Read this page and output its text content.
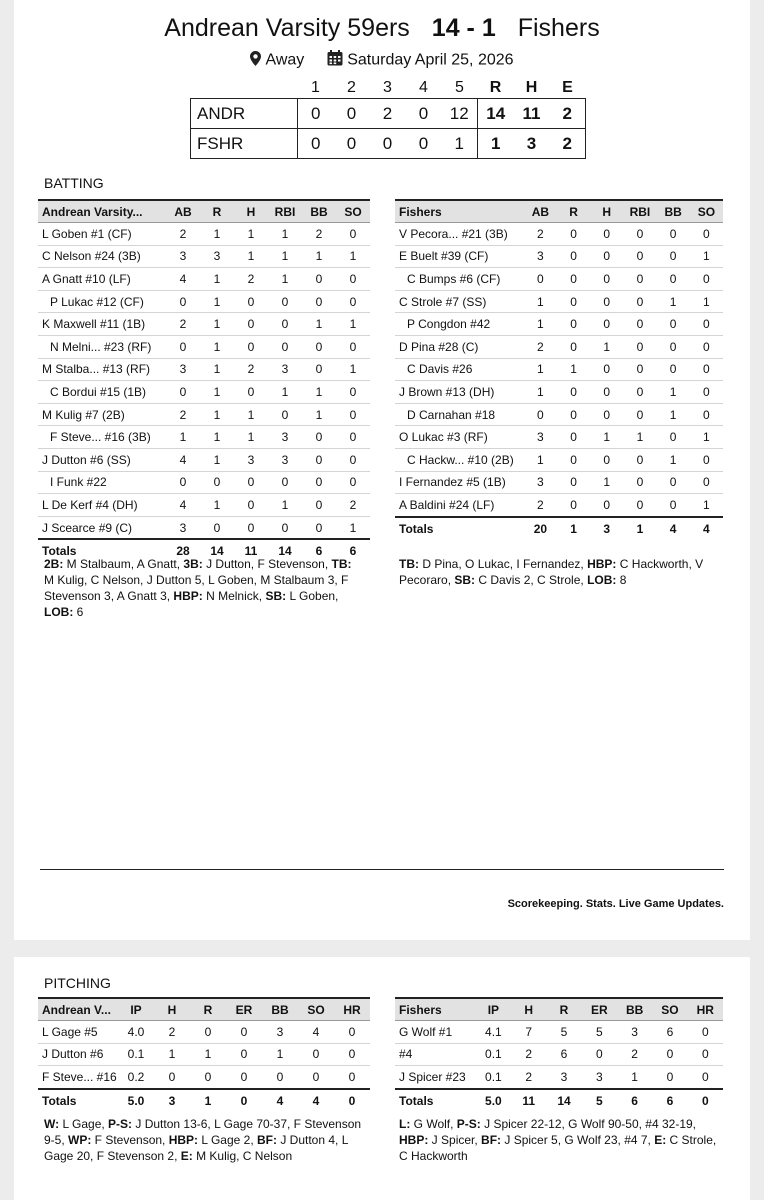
Andrean Varsity 59ers 14 - 1 Fishers
Away	Saturday April 25, 2026
	1	2	3	4	5	R	H	E
ANDR	0	0	2	0	12	14	11	2
FSHR	0	0	0	0	1	1	3	2
BATTING
Andrean Varsity...	AB	R	H	RBI	BB	SO
L Goben #1 (CF)	2	1	1	1	2	0
C Nelson #24 (3B)	3	3	1	1	1	1
A Gnatt #10 (LF)	4	1	2	1	0	0
P Lukac #12 (CF)	0	1	0	0	0	0
K Maxwell #11 (1B)	2	1	0	0	1	1
N Melni... #23 (RF)	0	1	0	0	0	0
M Stalba... #13 (RF)	3	1	2	3	0	1
C Bordui #15 (1B)	0	1	0	1	1	0
M Kulig #7 (2B)	2	1	1	0	1	0
F Steve... #16 (3B)	1	1	1	3	0	0
J Dutton #6 (SS)	4	1	3	3	0	0
I Funk #22	0	0	0	0	0	0
L De Kerf #4 (DH)	4	1	0	1	0	2
J Scearce #9 (C)	3	0	0	0	0	1
Totals	28	14	11	14	6	6
Fishers	AB	R	H	RBI	BB	SO
V Pecora... #21 (3B)	2	0	0	0	0	0
E Buelt #39 (CF)	3	0	0	0	0	1
C Bumps #6 (CF)	0	0	0	0	0	0
C Strole #7 (SS)	1	0	0	0	1	1
P Congdon #42	1	0	0	0	0	0
D Pina #28 (C)	2	0	1	0	0	0
C Davis #26	1	1	0	0	0	0
J Brown #13 (DH)	1	0	0	0	1	0
D Carnahan #18	0	0	0	0	1	0
O Lukac #3 (RF)	3	0	1	1	0	1
C Hackw... #10 (2B)	1	0	0	0	1	0
I Fernandez #5 (1B)	3	0	1	0	0	0
A Baldini #24 (LF)	2	0	0	0	0	1
Totals	20	1	3	1	4	4
2B: M Stalbaum, A Gnatt, 3B: J Dutton, F Stevenson, TB: M Kulig, C Nelson, J Dutton 5, L Goben, M Stalbaum 3, F Stevenson 3, A Gnatt 3, HBP: N Melnick, SB: L Goben, LOB: 6
TB: D Pina, O Lukac, I Fernandez, HBP: C Hackworth, V Pecoraro, SB: C Davis 2, C Strole, LOB: 8
Scorekeeping. Stats. Live Game Updates.
PITCHING
Andrean V...	IP	H	R	ER	BB	SO	HR
L Gage #5	4.0	2	0	0	3	4	0
J Dutton #6	0.1	1	1	0	1	0	0
F Steve... #16	0.2	0	0	0	0	0	0
Totals	5.0	3	1	0	4	4	0
Fishers	IP	H	R	ER	BB	SO	HR
G Wolf #1	4.1	7	5	5	3	6	0
#4	0.1	2	6	0	2	0	0
J Spicer #23	0.1	2	3	3	1	0	0
Totals	5.0	11	14	5	6	6	0
W: L Gage, P-S: J Dutton 13-6, L Gage 70-37, F Stevenson 9-5, WP: F Stevenson, HBP: L Gage 2, BF: J Dutton 4, L Gage 20, F Stevenson 2, E: M Kulig, C Nelson
L: G Wolf, P-S: J Spicer 22-12, G Wolf 90-50, #4 32-19, HBP: J Spicer, BF: J Spicer 5, G Wolf 23, #4 7, E: C Strole, C Hackworth
